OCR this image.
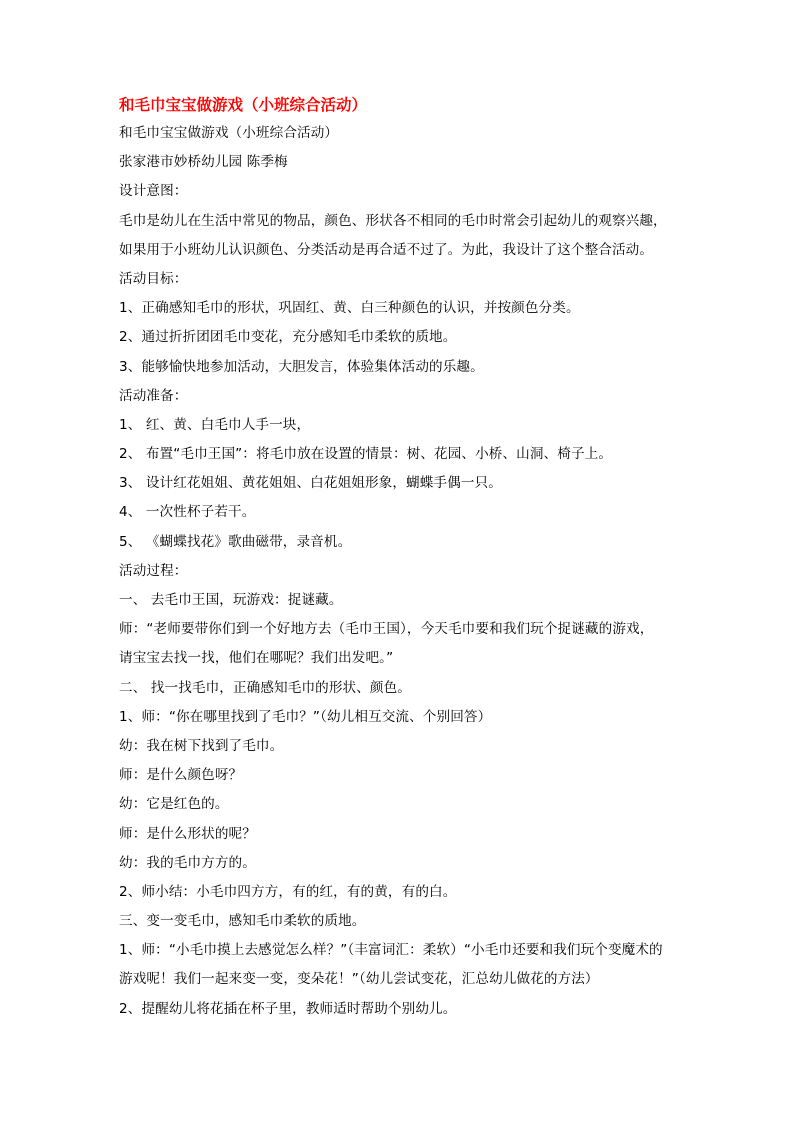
和毛巾宝宝做游戏（小班综合活动）
和毛巾宝宝做游戏（小班综合活动）
张家港市妙桥幼儿园 陈季梅
设计意图：
毛巾是幼儿在生活中常见的物品，颜色、形状各不相同的毛巾时常会引起幼儿的观察兴趣，
如果用于小班幼儿认识颜色、分类活动是再合适不过了。为此，我设计了这个整合活动。
活动目标：
1、正确感知毛巾的形状，巩固红、黄、白三种颜色的认识，并按颜色分类。
2、通过折折团团毛巾变花，充分感知毛巾柔软的质地。
3、能够愉快地参加活动，大胆发言，体验集体活动的乐趣。
活动准备：
1、 红、黄、白毛巾人手一块，
2、 布置“毛巾王国”：将毛巾放在设置的情景：树、花园、小桥、山洞、椅子上。
3、 设计红花姐姐、黄花姐姐、白花姐姐形象，蝴蝶手偶一只。
4、 一次性杯子若干。
5、 《蝴蝶找花》歌曲磁带，录音机。
活动过程：
一、 去毛巾王国，玩游戏：捉谜藏。
师：“老师要带你们到一个好地方去（毛巾王国），今天毛巾要和我们玩个捉谜藏的游戏，
请宝宝去找一找，他们在哪呢？我们出发吧。”
二、 找一找毛巾，正确感知毛巾的形状、颜色。
1、师：“你在哪里找到了毛巾？”（幼儿相互交流、个别回答）
幼：我在树下找到了毛巾。
师：是什么颜色呀？
幼：它是红色的。
师：是什么形状的呢？
幼：我的毛巾方方的。
2、师小结：小毛巾四方方，有的红，有的黄，有的白。
三、变一变毛巾，感知毛巾柔软的质地。
1、师：“小毛巾摸上去感觉怎么样？”（丰富词汇：柔软）“小毛巾还要和我们玩个变魔术的
游戏呢！我们一起来变一变，变朵花！”（幼儿尝试变花，汇总幼儿做花的方法）
2、提醒幼儿将花插在杯子里，教师适时帮助个别幼儿。
